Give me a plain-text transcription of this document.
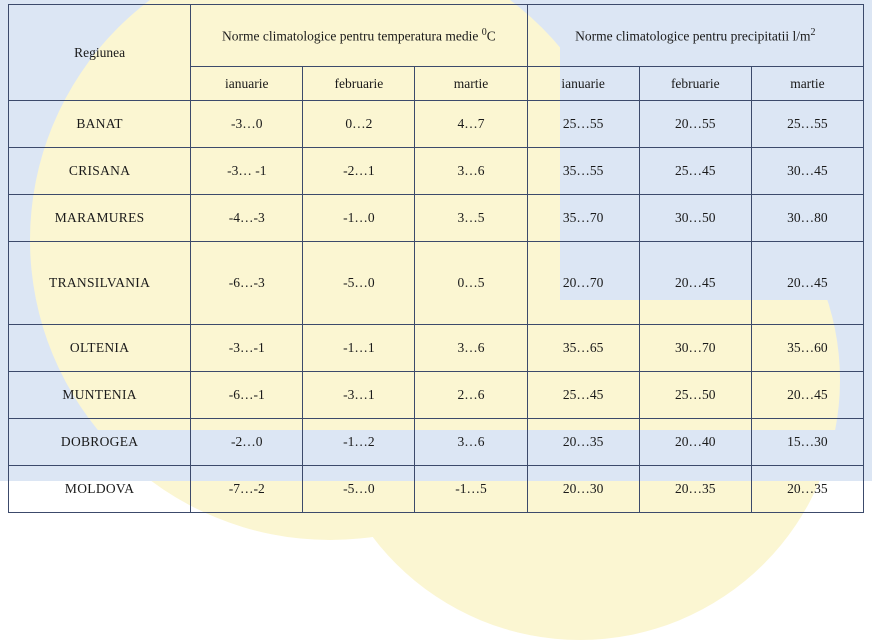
Regiunea	Norme climatologice pentru temperatura medie $^0$C			Norme climatologice pentru precipitatii $l/m^2$
	ianuarie	februarie	martie	ianuarie	februarie	martie
BANAT	-3…0	0…2	4…7	25…55	20…55	25…55
CRISANA	-3… -1	-2…1	3…6	35…55	25…45	30…45
MARAMURES	-4…-3	-1…0	3…5	35…70	30…50	30…80
TRANSILVANIA	-6…-3	-5…0	0…5	20…70	20…45	20…45
OLTENIA	-3…-1	-1…1	3…6	35…65	30…70	35…60
MUNTENIA	-6…-1	-3…1	2…6	25…45	25…50	20…45
DOBROGEA	-2…0	-1…2	3…6	20…35	20…40	15…30
MOLDOVA	-7…-2	-5…0	-1…5	20…30	20…35	20…35
